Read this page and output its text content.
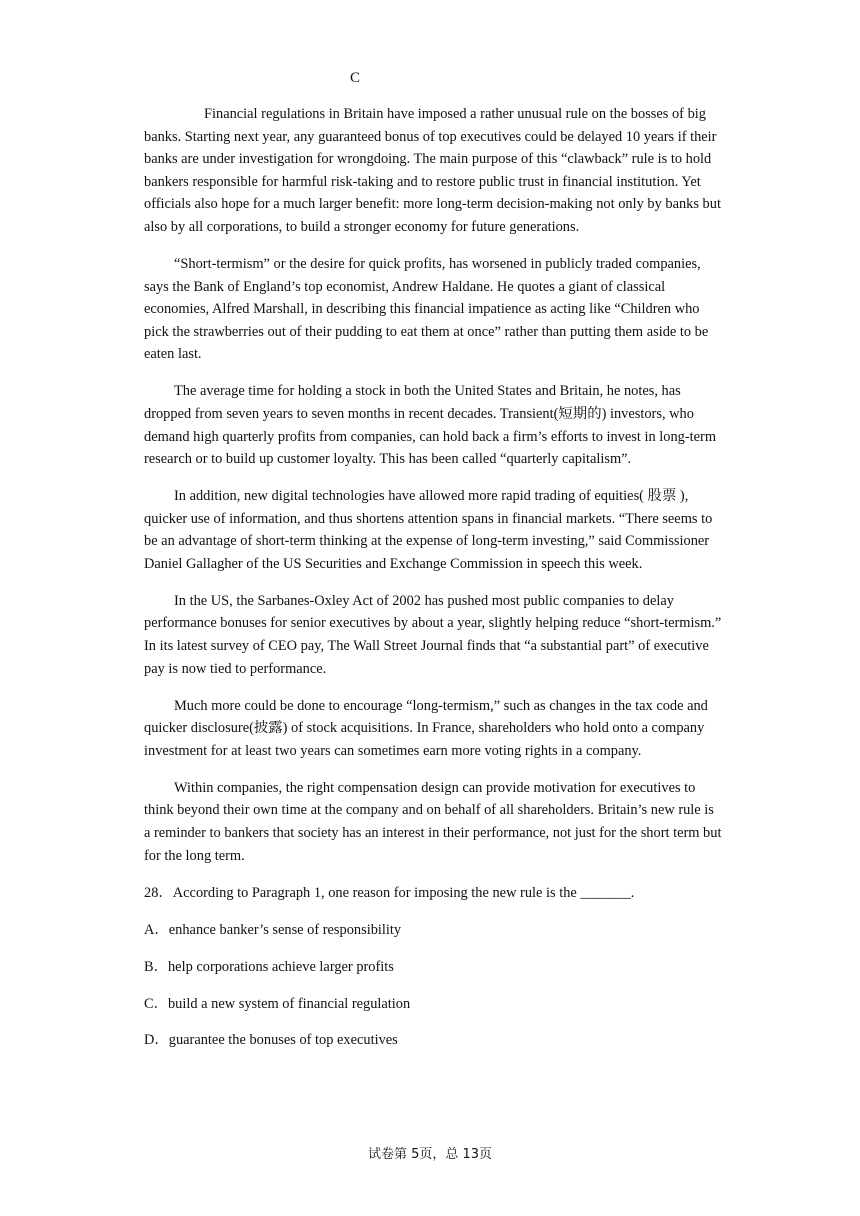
C

Financial regulations in Britain have imposed a rather unusual rule on the bosses of big banks. Starting next year, any guaranteed bonus of top executives could be delayed 10 years if their banks are under investigation for wrongdoing. The main purpose of this “clawback” rule is to hold bankers responsible for harmful risk-taking and to restore public trust in financial institution. Yet officials also hope for a much larger benefit: more long-term decision-making not only by banks but also by all corporations, to build a stronger economy for future generations.

“Short-termism” or the desire for quick profits, has worsened in publicly traded companies, says the Bank of England’s top economist, Andrew Haldane. He quotes a giant of classical economies, Alfred Marshall, in describing this financial impatience as acting like “Children who pick the strawberries out of their pudding to eat them at once” rather than putting them aside to be eaten last.

The average time for holding a stock in both the United States and Britain, he notes, has dropped from seven years to seven months in recent decades. Transient(短期的) investors, who demand high quarterly profits from companies, can hold back a firm’s efforts to invest in long-term research or to build up customer loyalty. This has been called “quarterly capitalism”.

In addition, new digital technologies have allowed more rapid trading of equities( 股票 ), quicker use of information, and thus shortens attention spans in financial markets. “There seems to be an advantage of short-term thinking at the expense of long-term investing,” said Commissioner Daniel Gallagher of the US Securities and Exchange Commission in speech this week.

In the US, the Sarbanes-Oxley Act of 2002 has pushed most public companies to delay performance bonuses for senior executives by about a year, slightly helping reduce “short-termism.” In its latest survey of CEO pay, The Wall Street Journal finds that “a substantial part” of executive pay is now tied to performance.

Much more could be done to encourage “long-termism,” such as changes in the tax code and quicker disclosure(披露) of stock acquisitions. In France, shareholders who hold onto a company investment for at least two years can sometimes earn more voting rights in a company.

Within companies, the right compensation design can provide motivation for executives to think beyond their own time at the company and on behalf of all shareholders. Britain’s new rule is a reminder to bankers that society has an interest in their performance, not just for the short term but for the long term.

28．According to Paragraph 1, one reason for imposing the new rule is the _______.

A．enhance banker’s sense of responsibility

B．help corporations achieve larger profits

C．build a new system of financial regulation

D．guarantee the bonuses of top executives

试卷第 5页，总 13页
